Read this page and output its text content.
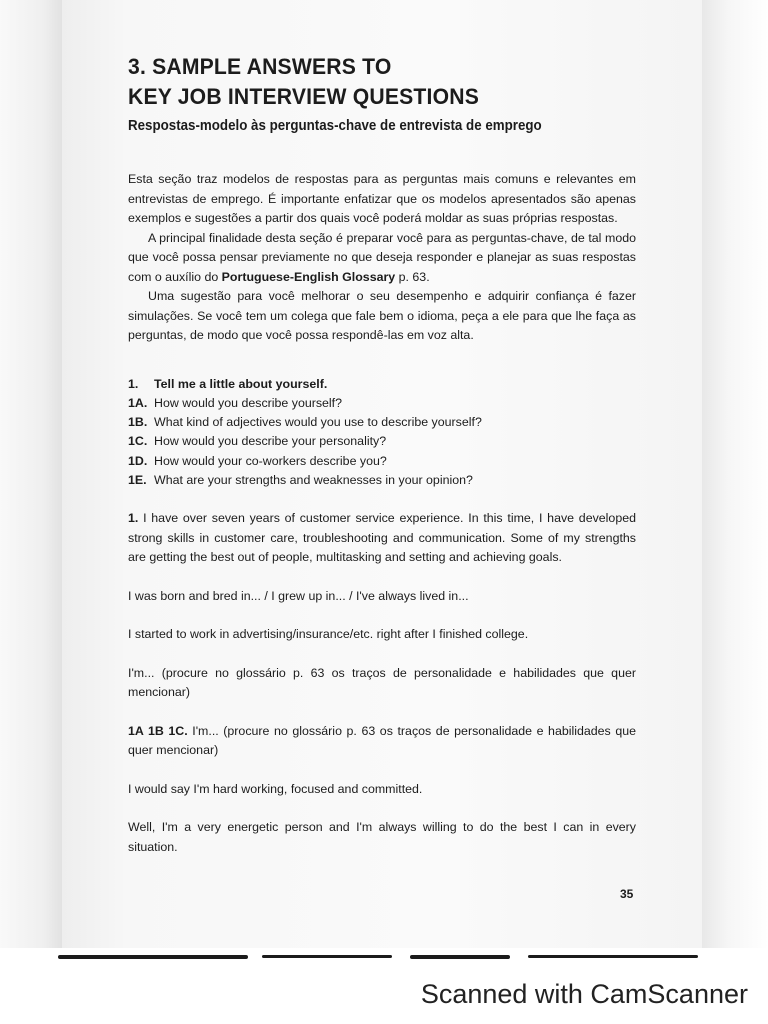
3. SAMPLE ANSWERS TO
KEY JOB INTERVIEW QUESTIONS
Respostas-modelo às perguntas-chave de entrevista de emprego

Esta seção traz modelos de respostas para as perguntas mais comuns e relevantes em entrevistas de emprego. É importante enfatizar que os modelos apresentados são apenas exemplos e sugestões a partir dos quais você poderá moldar as suas próprias respostas.

A principal finalidade desta seção é preparar você para as perguntas-chave, de tal modo que você possa pensar previamente no que deseja responder e planejar as suas respostas com o auxílio do Portuguese-English Glossary p. 63.

Uma sugestão para você melhorar o seu desempenho e adquirir confiança é fazer simulações. Se você tem um colega que fale bem o idioma, peça a ele para que lhe faça as perguntas, de modo que você possa respondê-las em voz alta.

1.	Tell me a little about yourself.
1A. How would you describe yourself?
1B. What kind of adjectives would you use to describe yourself?
1C. How would you describe your personality?
1D. How would your co-workers describe you?
1E. What are your strengths and weaknesses in your opinion?

1. I have over seven years of customer service experience. In this time, I have developed strong skills in customer care, troubleshooting and communication. Some of my strengths are getting the best out of people, multitasking and setting and achieving goals.

I was born and bred in... / I grew up in... / I've always lived in...

I started to work in advertising/insurance/etc. right after I finished college.

I'm... (procure no glossário p. 63 os traços de personalidade e habilidades que quer mencionar)

1A 1B 1C. I'm... (procure no glossário p. 63 os traços de personalidade e habilidades que quer mencionar)

I would say I'm hard working, focused and committed.

Well, I'm a very energetic person and I'm always willing to do the best I can in every situation.

35
Scanned with CamScanner
